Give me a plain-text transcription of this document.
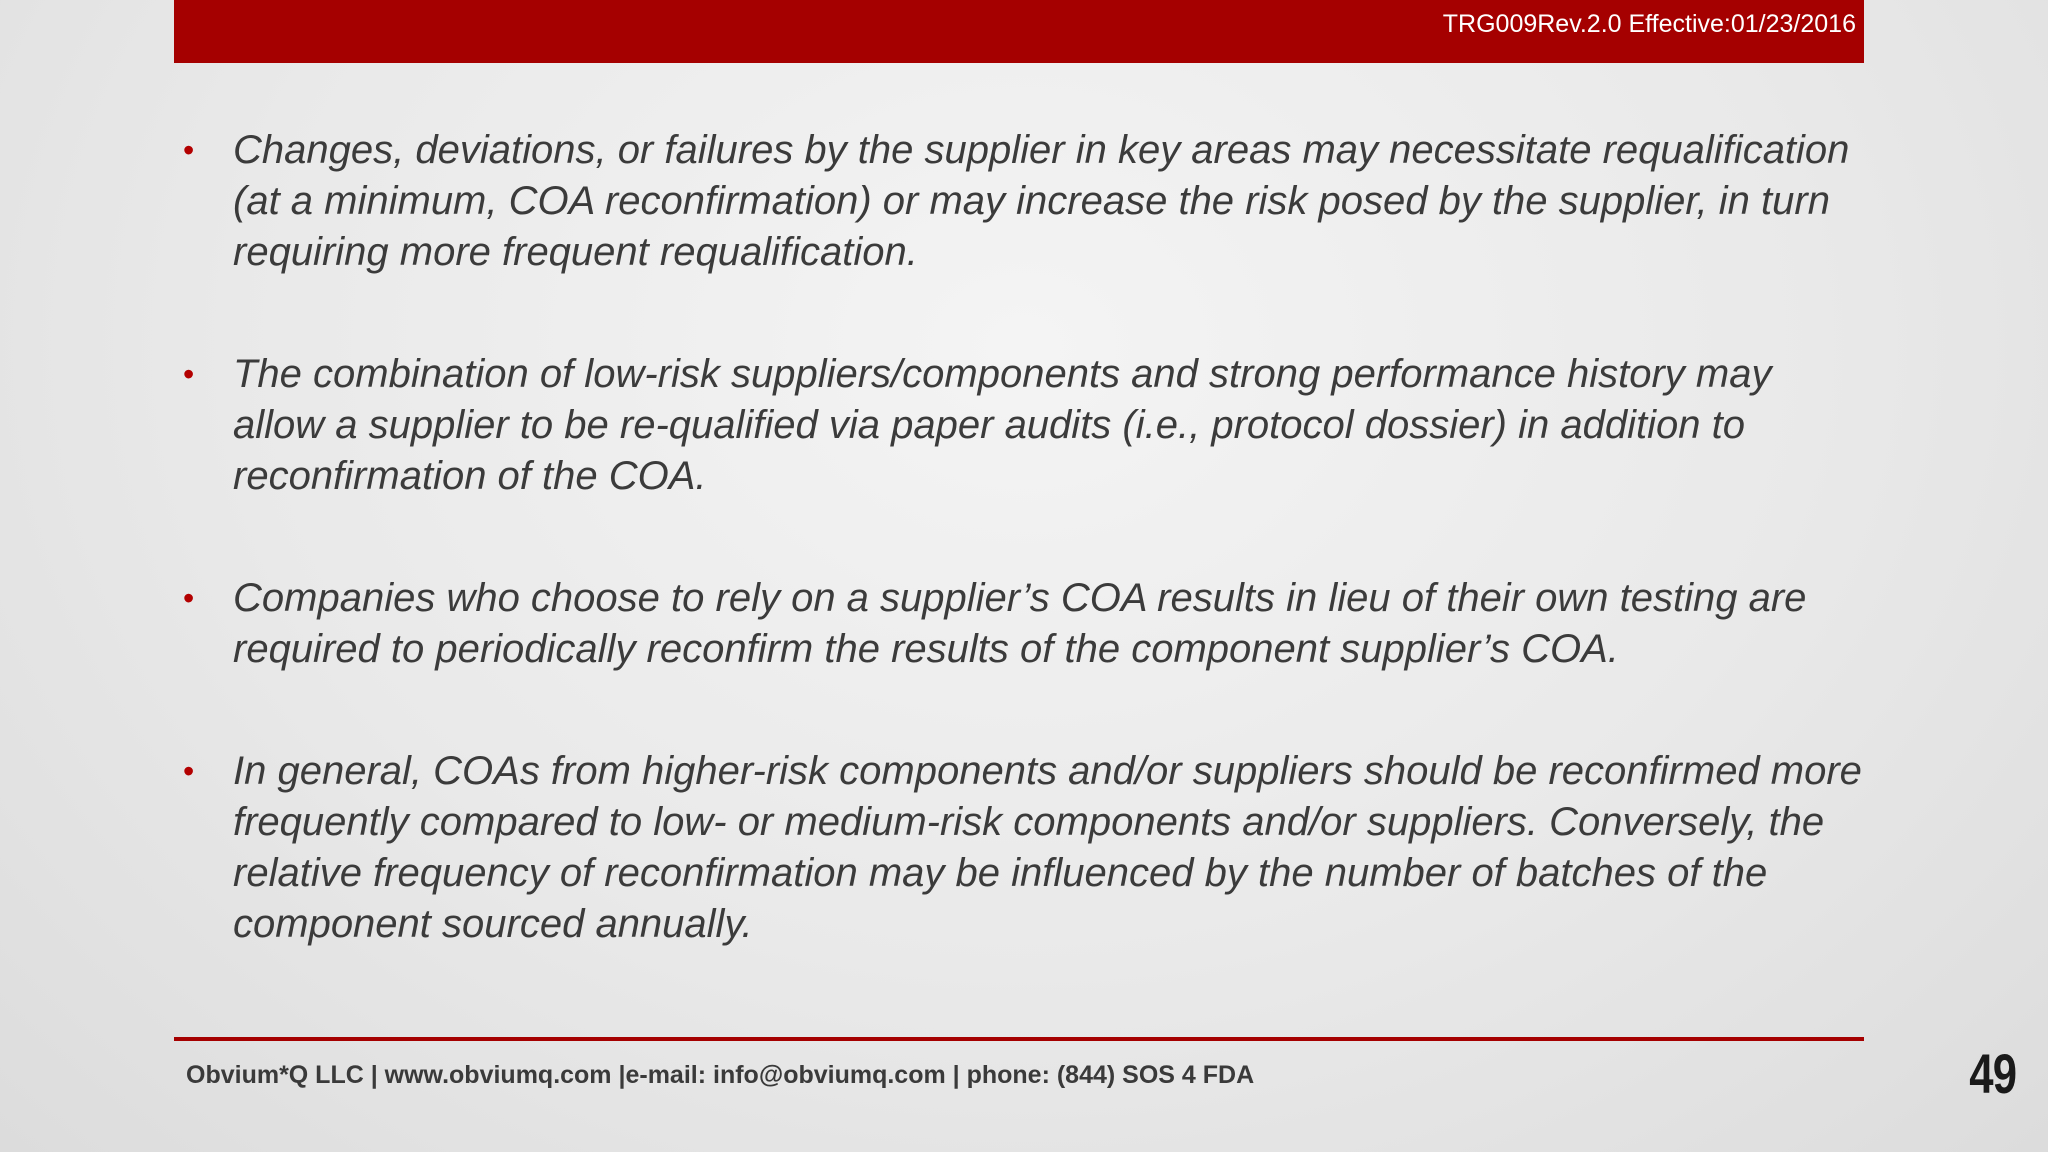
TRG009Rev.2.0 Effective:01/23/2016
• Changes, deviations, or failures by the supplier in key areas may necessitate requalification (at a minimum, COA reconfirmation) or may increase the risk posed by the supplier, in turn requiring more frequent requalification.
• The combination of low-risk suppliers/components and strong performance history may allow a supplier to be re-qualified via paper audits (i.e., protocol dossier) in addition to reconfirmation of the COA.
• Companies who choose to rely on a supplier’s COA results in lieu of their own testing are required to periodically reconfirm the results of the component supplier’s COA.
• In general, COAs from higher-risk components and/or suppliers should be reconfirmed more frequently compared to low- or medium-risk components and/or suppliers. Conversely, the relative frequency of reconfirmation may be influenced by the number of batches of the component sourced annually.
Obvium*Q LLC | www.obviumq.com |e-mail: info@obviumq.com | phone: (844) SOS 4 FDA	49
